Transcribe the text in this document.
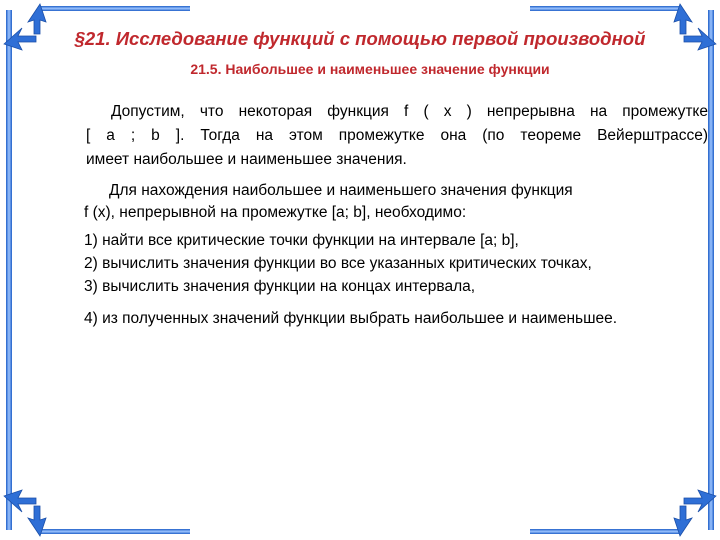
§21. Исследование функций с помощью первой производной
21.5. Наибольшее и наименьшее значение функции
Допустим, что некоторая функция f ( x ) непрерывна на промежутке
[ a ; b ]. Тогда на этом промежутке она (по теореме Вейерштрассе)
имеет наибольшее и наименьшее значения.
Для нахождения наибольшее и наименьшего значения функция
f (x), непрерывной на промежутке [a; b], необходимо:
1) найти все критические точки функции на интервале [a; b],
2) вычислить значения функции во все указанных критических точках,
3) вычислить значения функции на концах интервала,
4) из полученных значений функции выбрать наибольшее и наименьшее.
